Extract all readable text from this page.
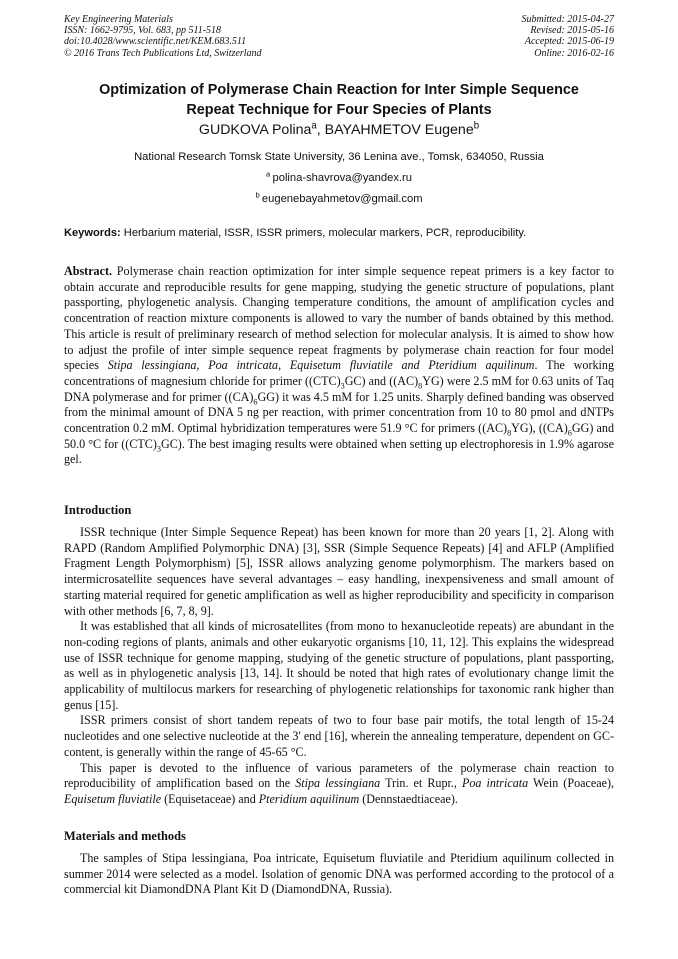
Key Engineering Materials
ISSN: 1662-9795, Vol. 683, pp 511-518
doi:10.4028/www.scientific.net/KEM.683.511
© 2016 Trans Tech Publications Ltd, Switzerland
Submitted: 2015-04-27
Revised: 2015-05-16
Accepted: 2015-06-19
Online: 2016-02-16
Optimization of Polymerase Chain Reaction for Inter Simple Sequence
Repeat Technique for Four Species of Plants
GUDKOVA Polina$^a$, BAYAHMETOV Eugene$^b$
National Research Tomsk State University, 36 Lenina ave., Tomsk, 634050, Russia
$^a$  polina-shavrova@yandex.ru
$^b$  eugenebayahmetov@gmail.com
Keywords: Herbarium material, ISSR, ISSR primers, molecular markers, PCR, reproducibility.

Abstract. Polymerase chain reaction optimization for inter simple sequence repeat primers is a key factor to obtain accurate and reproducible results for gene mapping, studying the genetic structure of populations, plant passporting, phylogenetic analysis. Changing temperature conditions, the amount of amplification cycles and concentration of reaction mixture components is allowed to vary the number of bands obtained by this method. This article is result of preliminary research of method selection for molecular analysis. It is aimed to show how to adjust the profile of inter simple sequence repeat fragments by polymerase chain reaction for four model species Stipa lessingiana, Poa intricata, Equisetum fluviatile and Pteridium aquilinum. The working concentrations of magnesium chloride for primer $((CTC)_3GC)$ and $((AC)_8YG)$ were 2.5 mM for 0.63 units of Taq DNA polymerase and for primer $((CA)_6GG)$ it was 4.5 mM for 1.25 units. Sharply defined banding was observed from the minimal amount of DNA 5 ng per reaction, with primer concentration from 10 to 80 pmol and dNTPs concentration 0.2 mM. Optimal hybridization temperatures were 51.9 °C for primers $((AC)_8YG)$, $((CA)_6GG)$ and 50.0 °C for $((CTC)_3GC)$. The best imaging results were obtained when setting up electrophoresis in 1.9% agarose gel.

Introduction

ISSR technique (Inter Simple Sequence Repeat) has been known for more than 20 years [1, 2]. Along with RAPD (Random Amplified Polymorphic DNA) [3], SSR (Simple Sequence Repeats) [4] and AFLP (Amplified Fragment Length Polymorphism) [5], ISSR allows analyzing genome polymorphism. The markers based on intermicrosatellite sequences have several advantages – easy handling, inexpensiveness and small amount of starting material required for genetic amplification as well as higher reproducibility and specificity in comparison with other methods [6, 7, 8, 9].

It was established that all kinds of microsatellites (from mono to hexanucleotide repeats) are abundant in the non-coding regions of plants, animals and other eukaryotic organisms [10, 11, 12]. This explains the widespread use of ISSR technique for genome mapping, studying of the genetic structure of populations, plant passporting, as well as in phylogenetic analysis [13, 14]. It should be noted that high rates of evolutionary change limit the applicability of multilocus markers for researching of phylogenetic relationships for taxonomic rank higher than genus [15].

ISSR primers consist of short tandem repeats of two to four base pair motifs, the total length of 15-24 nucleotides and one selective nucleotide at the 3' end [16], wherein the annealing temperature, dependent on GC-content, is generally within the range of 45-65 °C.

This paper is devoted to the influence of various parameters of the polymerase chain reaction to reproducibility of amplification based on the Stipa lessingiana Trin. et Rupr., Poa intricata Wein (Poaceae), Equisetum fluviatile (Equisetaceae) and Pteridium aquilinum (Dennstaedtiaceae).

Materials and methods

The samples of Stipa lessingiana, Poa intricate, Equisetum fluviatile and Pteridium aquilinum collected in summer 2014 were selected as a model. Isolation of genomic DNA was performed according to the protocol of a commercial kit DiamondDNA Plant Kit D (DiamondDNA, Russia).
